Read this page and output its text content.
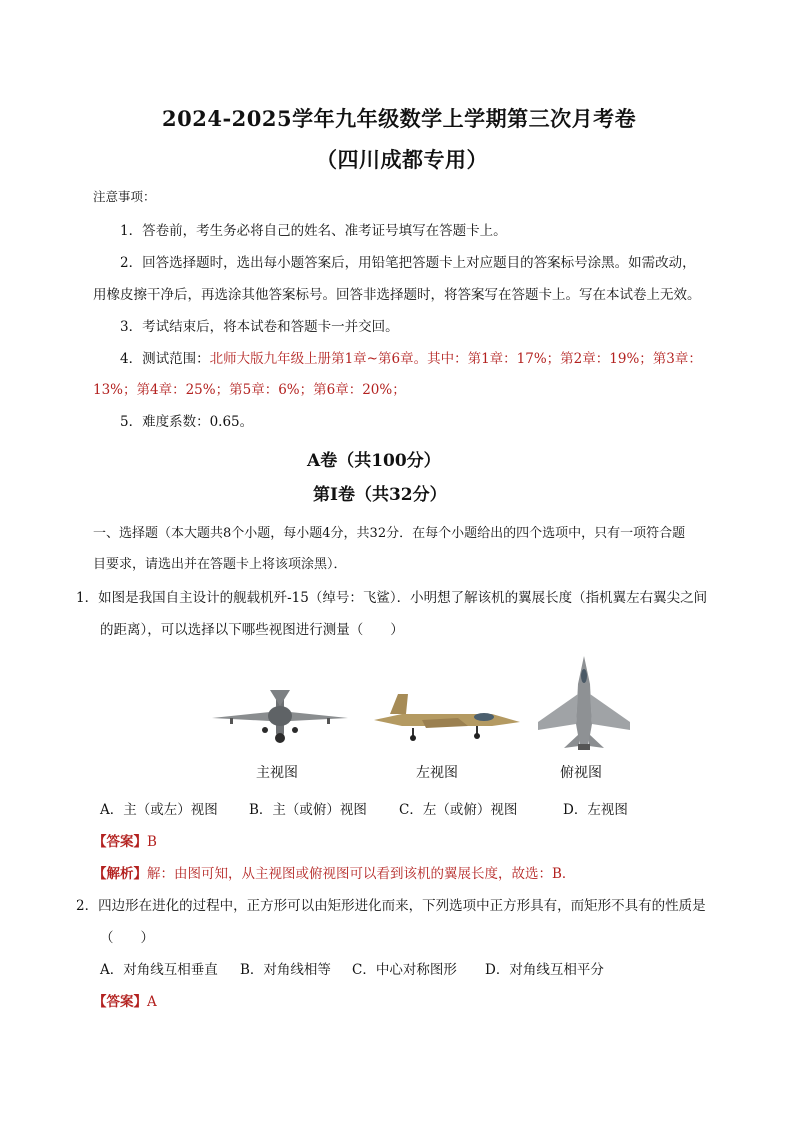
2024-2025学年九年级数学上学期第三次月考卷
（四川成都专用）
注意事项：
1．答卷前，考生务必将自己的姓名、准考证号填写在答题卡上。
2．回答选择题时，选出每小题答案后，用铅笔把答题卡上对应题目的答案标号涂黑。如需改动，
用橡皮擦干净后，再选涂其他答案标号。回答非选择题时，将答案写在答题卡上。写在本试卷上无效。
3．考试结束后，将本试卷和答题卡一并交回。
4．测试范围：北师大版九年级上册第1章~第6章。其中：第1章：17%；第2章：19%；第3章：
13%；第4章：25%；第5章：6%；第6章：20%；
5．难度系数：0.65。
A卷（共100分）
第Ⅰ卷（共32分）
一、选择题（本大题共8个小题，每小题4分，共32分．在每个小题给出的四个选项中，只有一项符合题
目要求，请选出并在答题卡上将该项涂黑）．
1．如图是我国自主设计的舰载机歼-15（绰号：飞鲨）．小明想了解该机的翼展长度（指机翼左右翼尖之间
的距离），可以选择以下哪些视图进行测量（　　）
主视图	左视图	俯视图
A．主（或左）视图 B．主（或俯）视图 C．左（或俯）视图	D．左视图
【答案】B
【解析】解：由图可知，从主视图或俯视图可以看到该机的翼展长度，故选：B．
2．四边形在进化的过程中，正方形可以由矩形进化而来，下列选项中正方形具有，而矩形不具有的性质是
（　　）
A．对角线互相垂直 B．对角线相等 C．中心对称图形 D．对角线互相平分
【答案】A
